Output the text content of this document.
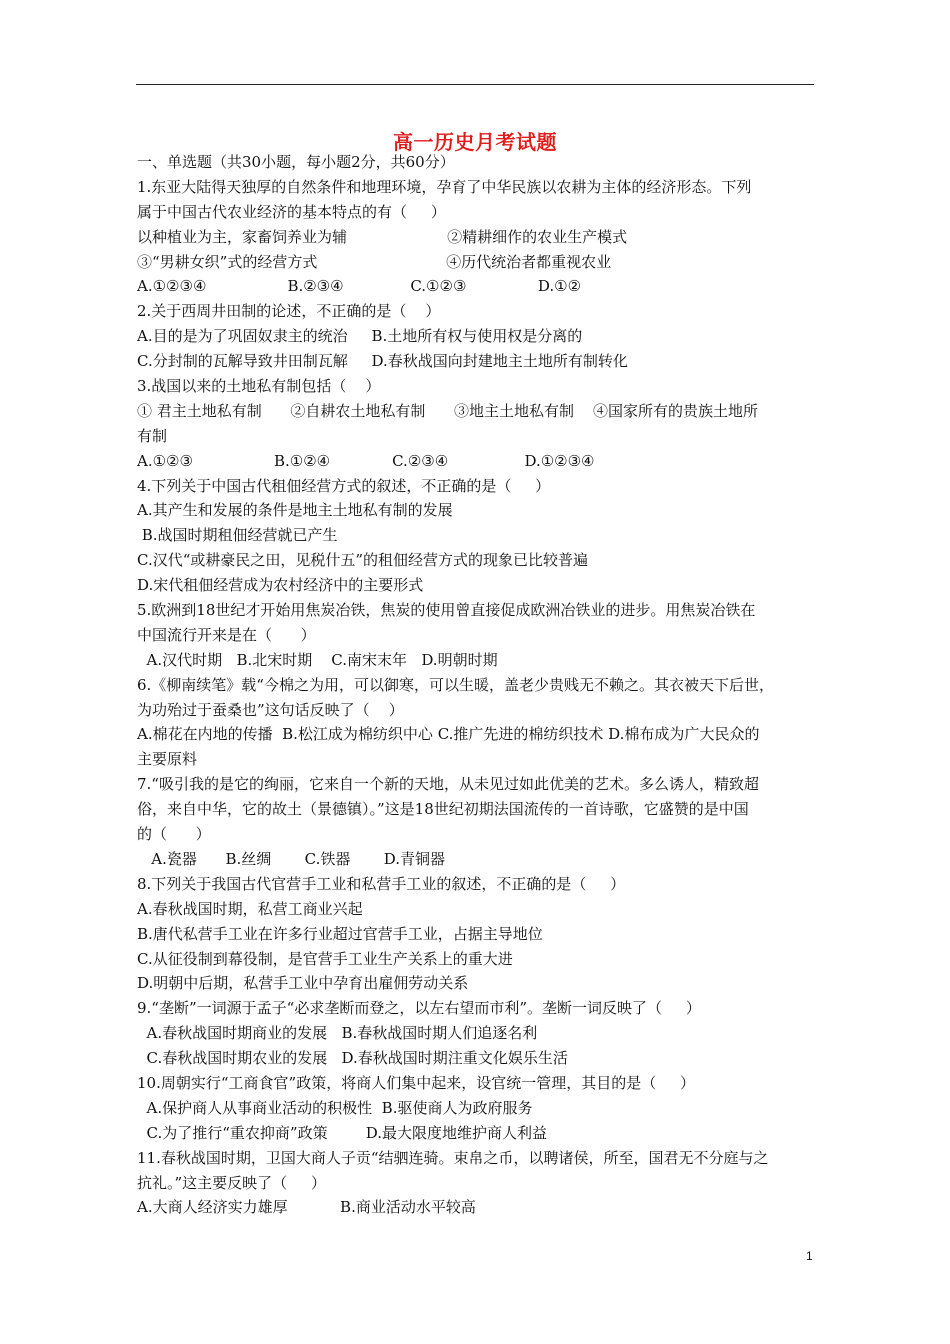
高一历史月考试题
一、单选题（共30小题，每小题2分，共60分）
1.东亚大陆得天独厚的自然条件和地理环境，孕育了中华民族以农耕为主体的经济形态。下列
属于中国古代农业经济的基本特点的有（     ）
以种植业为主，家畜饲养业为辅                     ②精耕细作的农业生产模式
③“男耕女织”式的经营方式                           ④历代统治者都重视农业
A.①②③④                 B.②③④              C.①②③               D.①②
2.关于西周井田制的论述，不正确的是（    ）
A.目的是为了巩固奴隶主的统治     B.土地所有权与使用权是分离的
C.分封制的瓦解导致井田制瓦解     D.春秋战国向封建地主土地所有制转化
3.战国以来的土地私有制包括（    ）
① 君主土地私有制      ②自耕农土地私有制      ③地主土地私有制    ④国家所有的贵族土地所
有制
A.①②③                 B.①②④             C.②③④                D.①②③④
4.下列关于中国古代租佃经营方式的叙述，不正确的是（     ）
A.其产生和发展的条件是地主土地私有制的发展
B.战国时期租佃经营就已产生
C.汉代“或耕豪民之田，见税什五”的租佃经营方式的现象已比较普遍
D.宋代租佃经营成为农村经济中的主要形式
5.欧洲到18世纪才开始用焦炭冶铁，焦炭的使用曾直接促成欧洲冶铁业的进步。用焦炭冶铁在
中国流行开来是在（      ）
A.汉代时期   B.北宋时期    C.南宋末年   D.明朝时期
6.《柳南续笔》载“今棉之为用，可以御寒，可以生暖，盖老少贵贱无不赖之。其衣被天下后世，
为功殆过于蚕桑也”这句话反映了（    ）
A.棉花在内地的传播  B.松江成为棉纺织中心 C.推广先进的棉纺织技术 D.棉布成为广大民众的
主要原料
7.“吸引我的是它的绚丽，它来自一个新的天地，从未见过如此优美的艺术。多么诱人，精致超
俗，来自中华，它的故土（景德镇）。”这是18世纪初期法国流传的一首诗歌，它盛赞的是中国
的（      ）
A.瓷器      B.丝绸       C.铁器       D.青铜器
8.下列关于我国古代官营手工业和私营手工业的叙述，不正确的是（     ）
A.春秋战国时期，私营工商业兴起
B.唐代私营手工业在许多行业超过官营手工业，占据主导地位
C.从征役制到幕役制，是官营手工业生产关系上的重大进
D.明朝中后期，私营手工业中孕育出雇佣劳动关系
9.“垄断”一词源于孟子“必求垄断而登之，以左右望而市利”。垄断一词反映了（     ）
A.春秋战国时期商业的发展   B.春秋战国时期人们追逐名利
C.春秋战国时期农业的发展   D.春秋战国时期注重文化娱乐生活
10.周朝实行“工商食官”政策，将商人们集中起来，设官统一管理，其目的是（     ）
A.保护商人从事商业活动的积极性  B.驱使商人为政府服务
C.为了推行“重农抑商”政策        D.最大限度地维护商人利益
11.春秋战国时期，卫国大商人子贡“结驷连骑。束帛之币，以聘诸侯，所至，国君无不分庭与之
抗礼。”这主要反映了（     ）
A.大商人经济实力雄厚           B.商业活动水平较高
1
